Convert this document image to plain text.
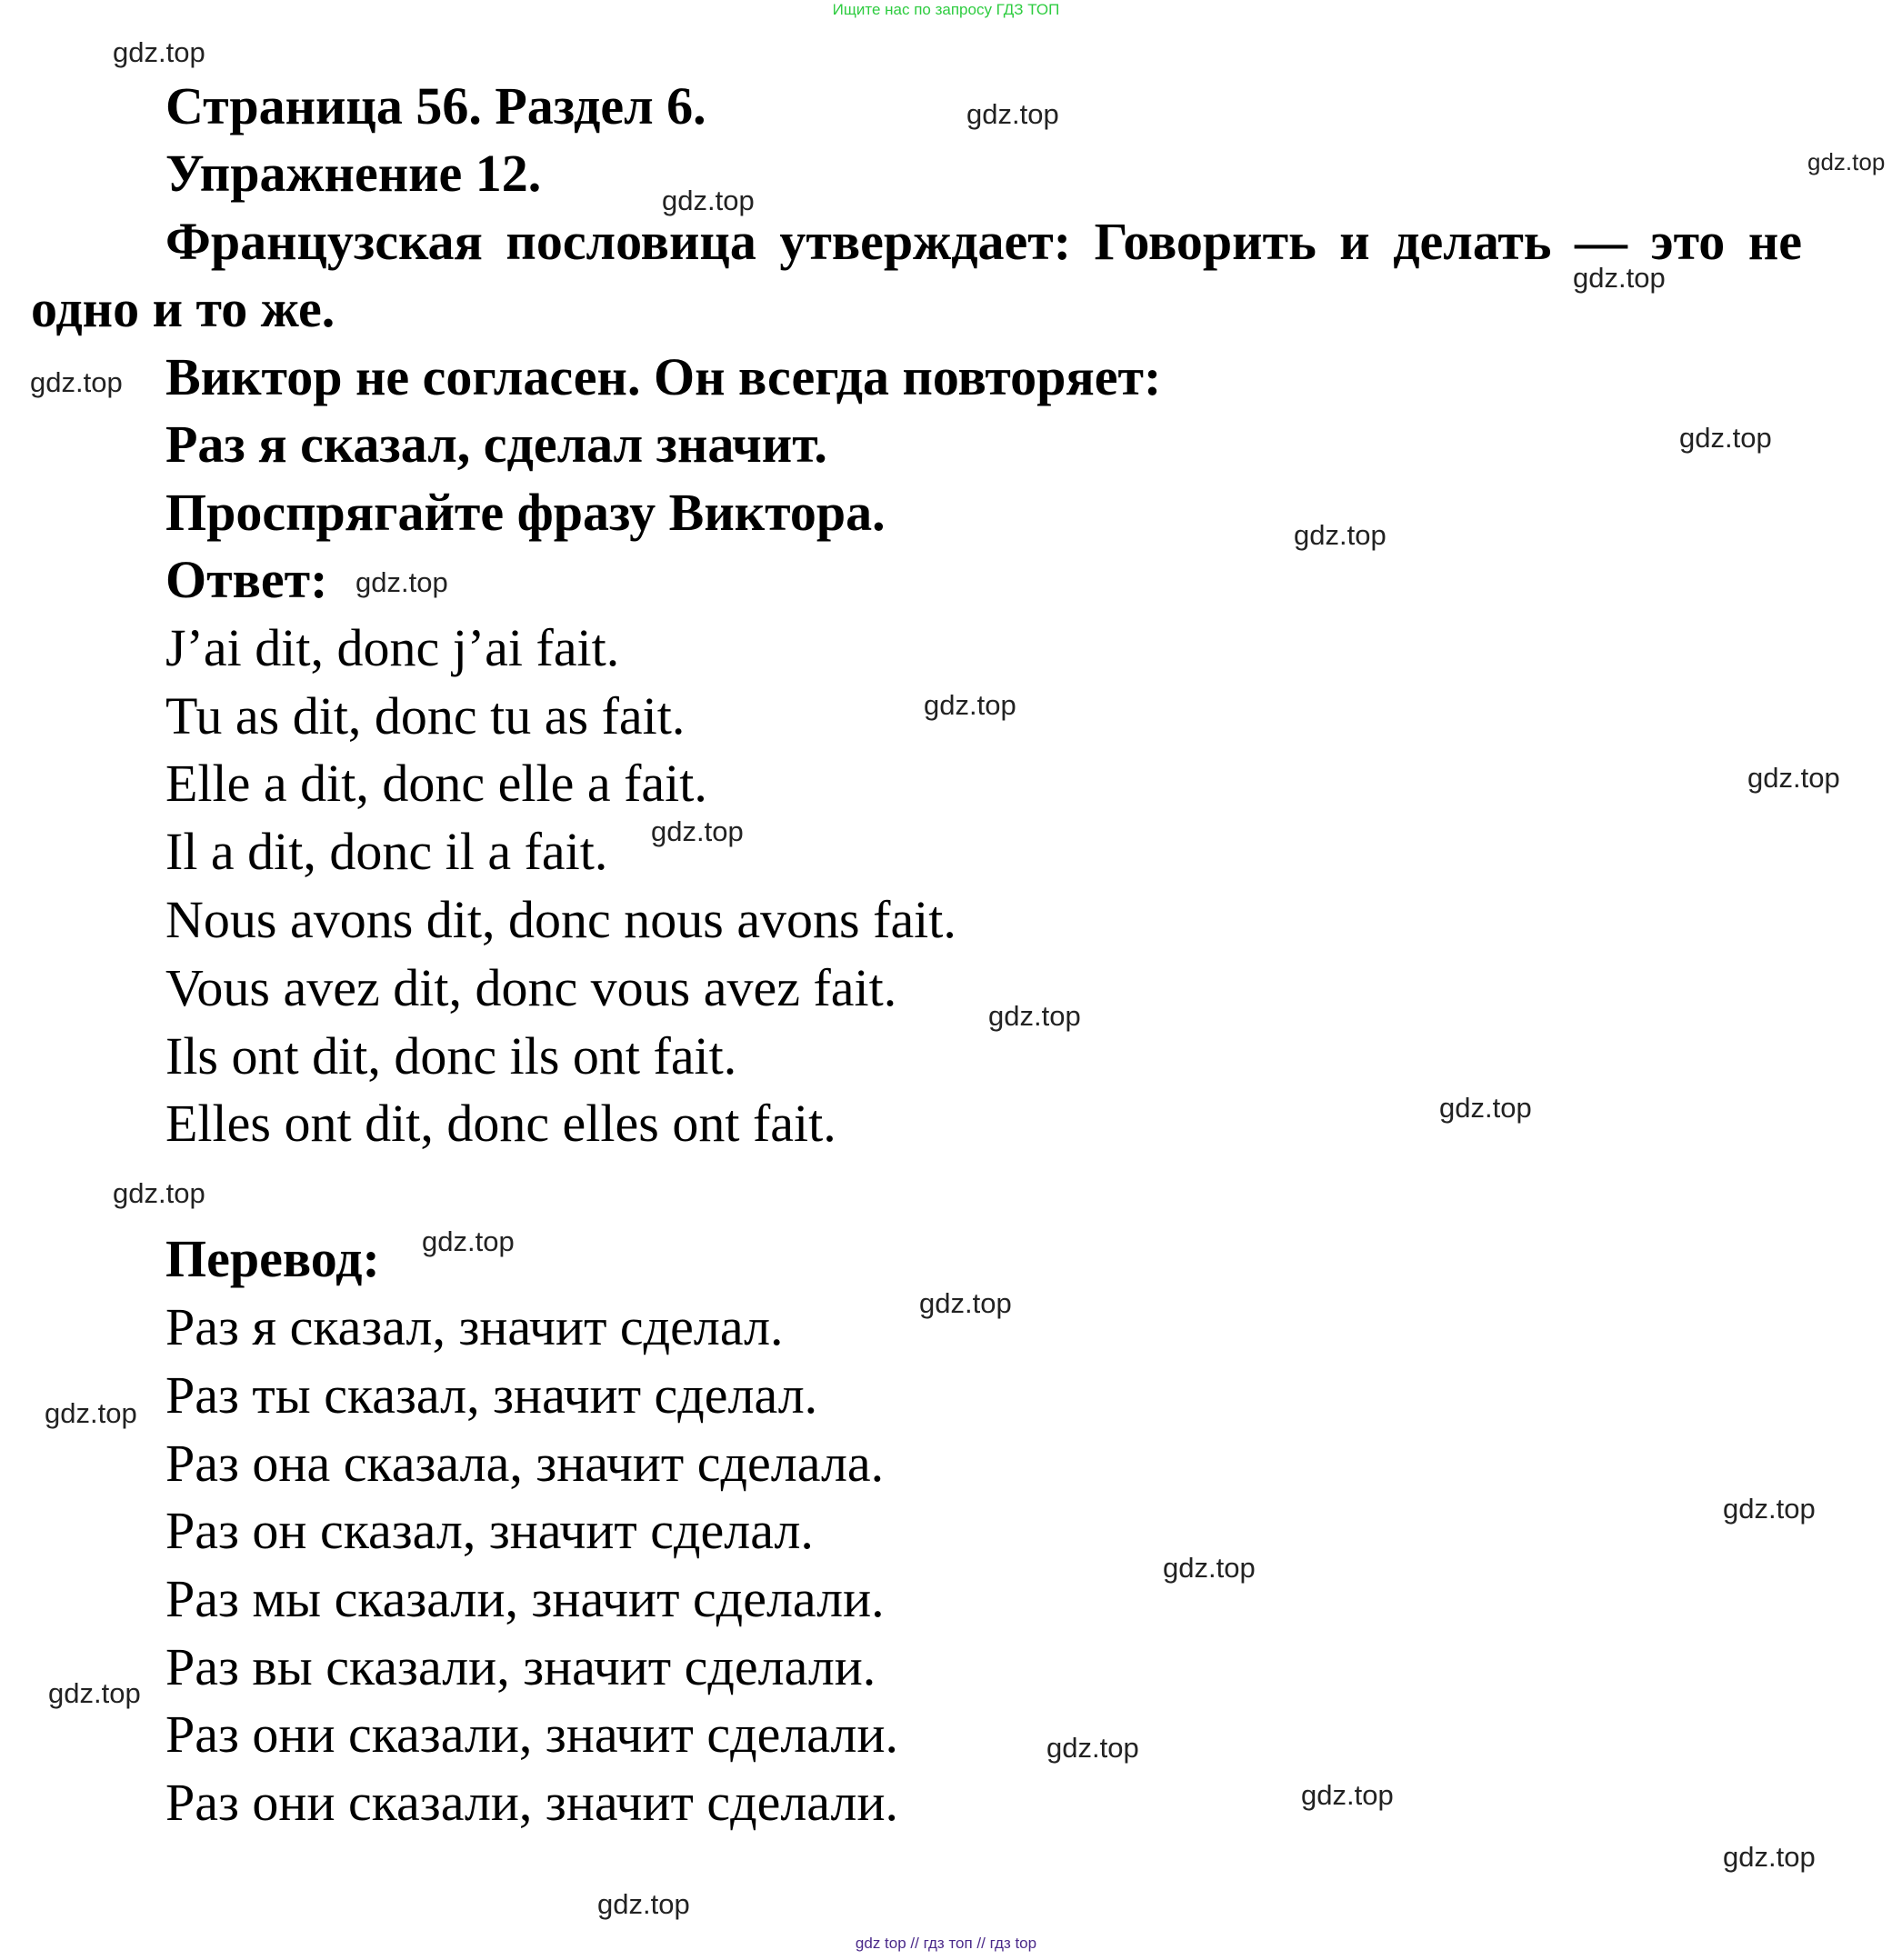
Ищите нас по запросу ГДЗ ТОП
Страница 56. Раздел 6.
Упражнение 12.
Французская пословица утверждает: Говорить и делать — это не
одно и то же.
Виктор не согласен. Он всегда повторяет:
Раз я сказал, сделал значит.
Проспрягайте фразу Виктора.
Ответ:
J’ai dit, donc j’ai fait.
Tu as dit, donc tu as fait.
Elle a dit, donc elle a fait.
Il a dit, donc il a fait.
Nous avons dit, donc nous avons fait.
Vous avez dit, donc vous avez fait.
Ils ont dit, donc ils ont fait.
Elles ont dit, donc elles ont fait.
Перевод:
Раз я сказал, значит сделал.
Раз ты сказал, значит сделал.
Раз она сказала, значит сделала.
Раз он сказал, значит сделал.
Раз мы сказали, значит сделали.
Раз вы сказали, значит сделали.
Раз они сказали, значит сделали.
Раз они сказали, значит сделали.
gdz.top
gdz.top
gdz.top
gdz.top
gdz.top
gdz.top
gdz.top
gdz.top
gdz.top
gdz.top
gdz.top
gdz.top
gdz.top
gdz.top
gdz.top
gdz.top
gdz.top
gdz.top
gdz.top
gdz.top
gdz.top
gdz.top
gdz.top
gdz.top
gdz.top
gdz top // гдз топ // гдз top
